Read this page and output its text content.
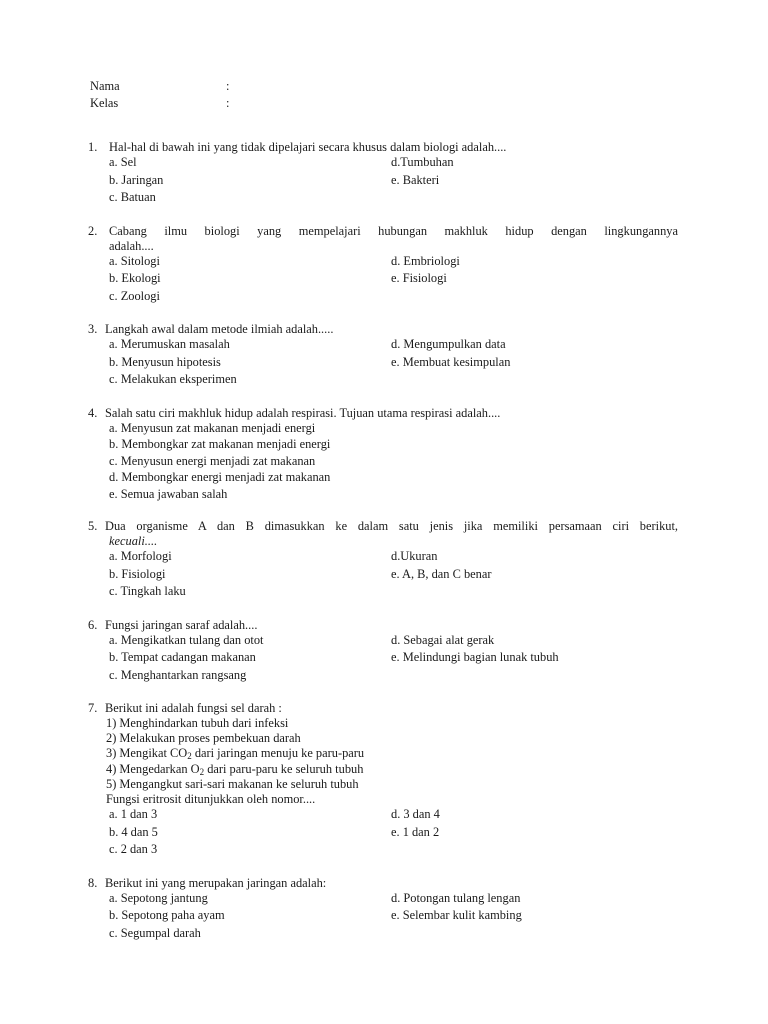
Nama	:
Kelas	:
1. Hal-hal di bawah ini yang tidak dipelajari secara khusus dalam biologi adalah....
a. Sel	d.Tumbuhan
b. Jaringan	e. Bakteri
c. Batuan
2. Cabang ilmu biologi yang mempelajari hubungan makhluk hidup dengan lingkungannya
adalah....
a. Sitologi	d. Embriologi
b. Ekologi	e. Fisiologi
c. Zoologi
3. Langkah awal dalam metode ilmiah adalah.....
a. Merumuskan masalah	d. Mengumpulkan data
b. Menyusun hipotesis	e. Membuat kesimpulan
c. Melakukan eksperimen
4. Salah satu ciri makhluk hidup adalah respirasi. Tujuan utama respirasi adalah....
a. Menyusun zat makanan menjadi energi
b. Membongkar zat makanan menjadi energi
c. Menyusun energi menjadi zat makanan
d. Membongkar energi menjadi zat makanan
e. Semua jawaban salah
5. Dua organisme A dan B dimasukkan ke dalam satu jenis jika memiliki persamaan ciri berikut,
kecuali....
a. Morfologi	d.Ukuran
b. Fisiologi	e. A, B, dan C benar
c. Tingkah laku
6. Fungsi jaringan saraf adalah....
a. Mengikatkan tulang dan otot	d. Sebagai alat gerak
b. Tempat cadangan makanan	e. Melindungi bagian lunak tubuh
c. Menghantarkan rangsang
7. Berikut ini adalah fungsi sel darah :
1) Menghindarkan tubuh dari infeksi
2) Melakukan proses pembekuan darah
3) Mengikat $CO_2$ dari jaringan menuju ke paru-paru
4) Mengedarkan $O_2$ dari paru-paru ke seluruh tubuh
5) Mengangkut sari-sari makanan ke seluruh tubuh
Fungsi eritrosit ditunjukkan oleh nomor....
a. 1 dan 3	d. 3 dan 4
b. 4 dan 5	e. 1 dan 2
c. 2 dan 3
8. Berikut ini yang merupakan jaringan adalah:
a. Sepotong jantung	d. Potongan tulang lengan
b. Sepotong paha ayam	e. Selembar kulit kambing
c. Segumpal darah
